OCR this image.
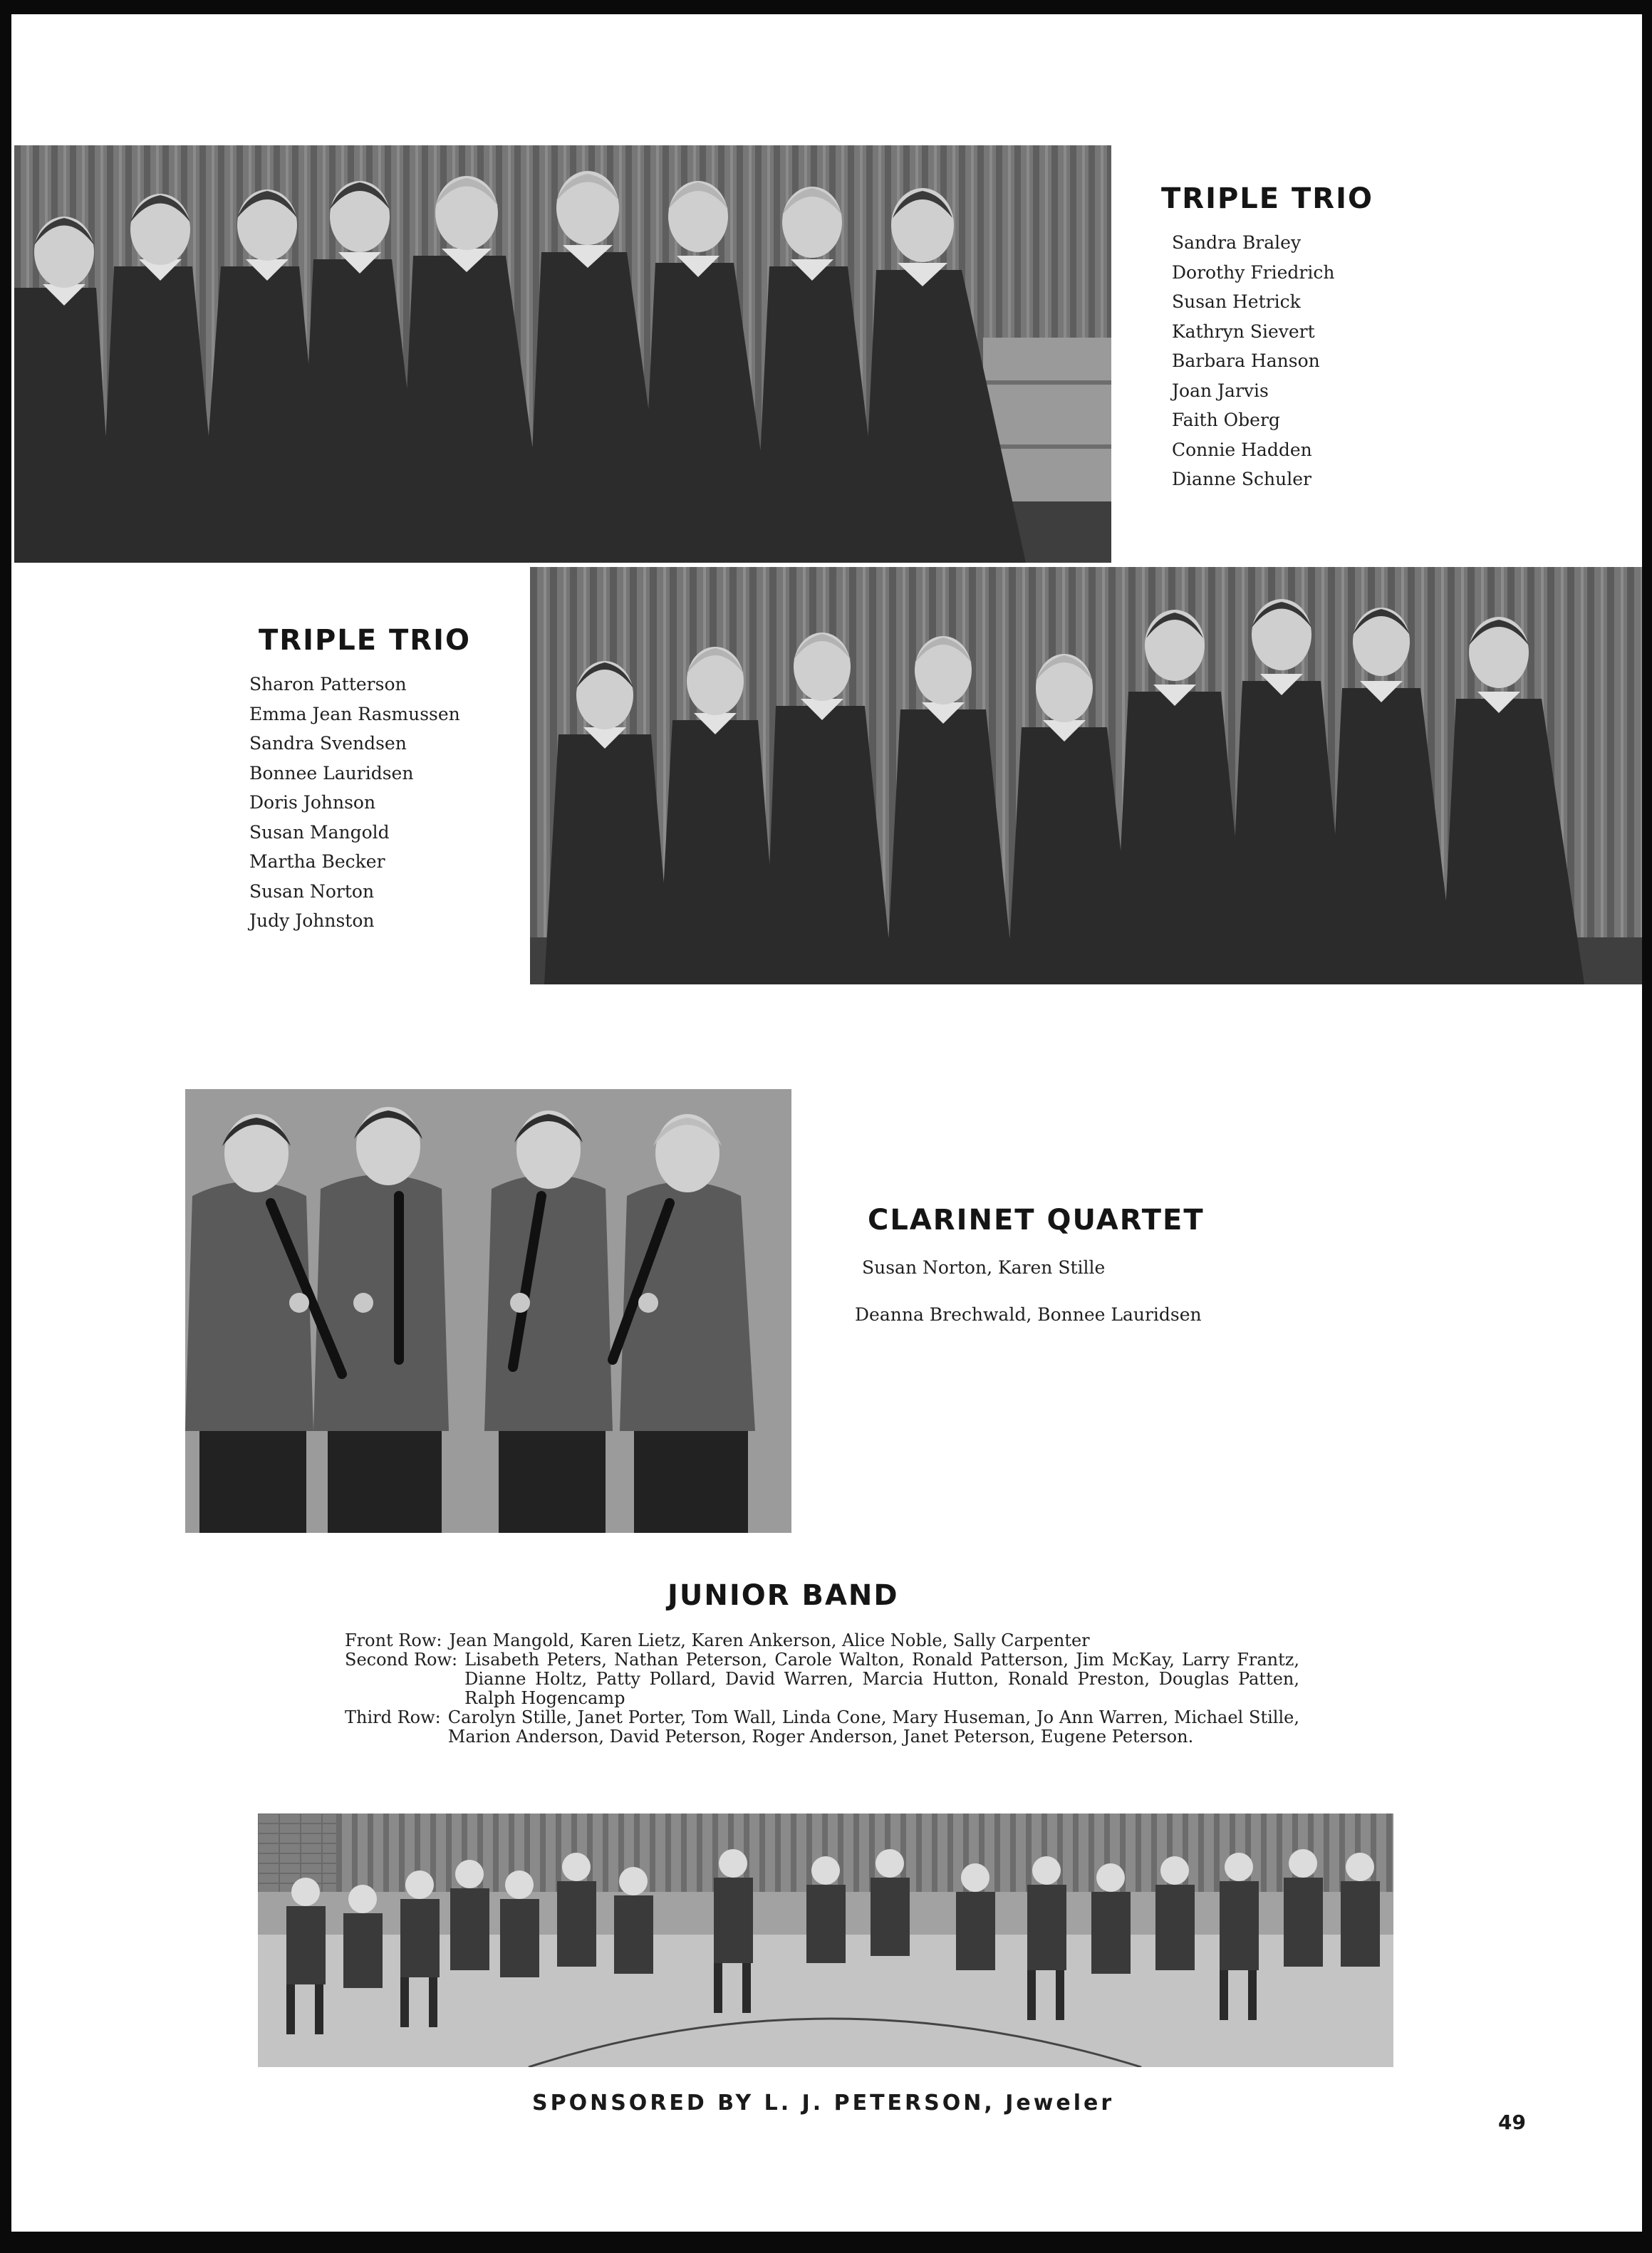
TRIPLE TRIO
Sandra Braley
Dorothy Friedrich
Susan Hetrick
Kathryn Sievert
Barbara Hanson
Joan Jarvis
Faith Oberg
Connie Hadden
Dianne Schuler
TRIPLE TRIO
Sharon Patterson
Emma Jean Rasmussen
Sandra Svendsen
Bonnee Lauridsen
Doris Johnson
Susan Mangold
Martha Becker
Susan Norton
Judy Johnston
CLARINET QUARTET

Susan Norton, Karen Stille

Deanna Brechwald, Bonnee Lauridsen

JUNIOR BAND
Front Row: Jean Mangold, Karen Lietz, Karen Ankerson, Alice Noble, Sally Carpenter
Second Row: Lisabeth Peters, Nathan Peterson, Carole Walton, Ronald Patterson, Jim McKay, Larry Frantz, Dianne Holtz, Patty Pollard, David Warren, Marcia Hutton, Ronald Preston, Douglas Patten, Ralph Hogencamp
Third Row: Carolyn Stille, Janet Porter, Tom Wall, Linda Cone, Mary Huseman, Jo Ann Warren, Michael Stille, Marion Anderson, David Peterson, Roger Anderson, Janet Peterson, Eugene Peterson.

SPONSORED BY L. J. PETERSON, Jeweler

49
